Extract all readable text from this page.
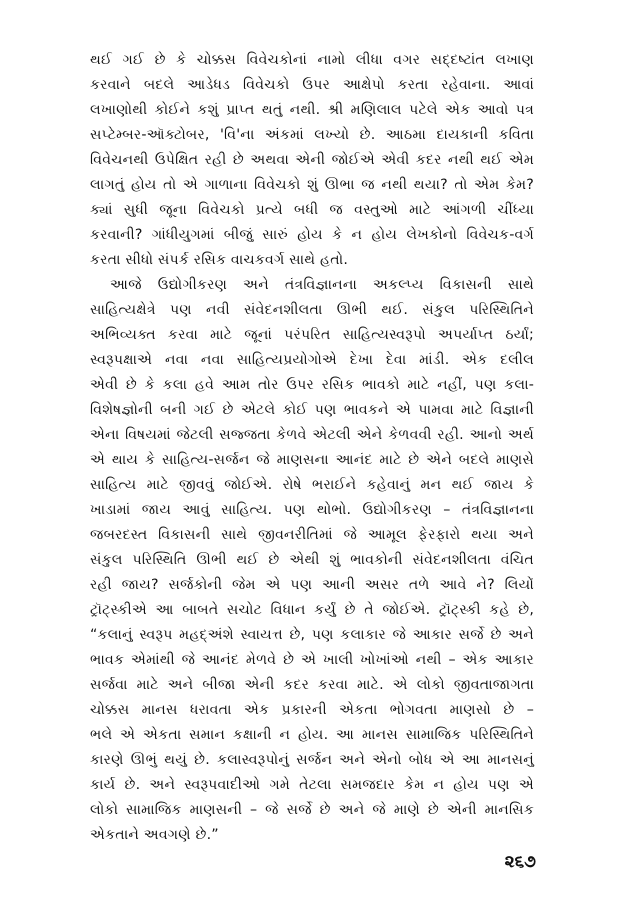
થઈ ગઈ છે કે ચોક્કસ વિવેચકોનાં નામો લીધા વગર સદ્દષ્ટાંત લખાણ
કરવાને બદલે આડેધડ વિવેચકો ઉપર આક્ષેપો કરતા રહેવાના. આવાં
લખાણોથી કોઈને કશું પ્રાપ્ત થતું નથી. શ્રી મણિલાલ પટેલે એક આવો પત્ર
સપ્ટેમ્બર-ઑક્ટોબર, 'વિ'ના અંકમાં લખ્યો છે. આઠમા દાયકાની કવિતા
વિવેચનથી ઉપેક્ષિત રહી છે અથવા એની જોઈએ એવી કદર નથી થઈ એમ
લાગતું હોય તો એ ગાળાના વિવેચકો શું ઊભા જ નથી થયા? તો એમ કેમ?
ક્યાં સુધી જૂના વિવેચકો પ્રત્યે બધી જ વસ્તુઓ માટે આંગળી ચીંધ્યા
કરવાની? ગાંધીયુગમાં બીજું સારું હોય કે ન હોય લેખકોનો વિવેચક-વર્ગ
કરતા સીધો સંપર્ક રસિક વાચકવર્ગ સાથે હતો.
આજે ઉદ્યોગીકરણ અને તંત્રવિજ્ઞાનના અકલ્પ્ય વિકાસની સાથે
સાહિત્યક્ષેત્રે પણ નવી સંવેદનશીલતા ઊભી થઈ. સંકુલ પરિસ્થિતિને
અભિવ્યક્ત કરવા માટે જૂનાં પરંપરિત સાહિત્યસ્વરૂપો અપર્યાપ્ત ઠર્યાં;
સ્વરૂપક્ષાએ નવા નવા સાહિત્યપ્રયોગોએ દેખા દેવા માંડી. એક દલીલ
એવી છે કે કલા હવે આમ તોર ઉપર રસિક ભાવકો માટે નહીં, પણ કલા-
વિશેષજ્ઞોની બની ગઈ છે એટલે કોઈ પણ ભાવકને એ પામવા માટે વિજ્ઞાની
એના વિષયમાં જેટલી સજ્જતા કેળવે એટલી એને કેળવવી રહી. આનો અર્થ
એ થાય કે સાહિત્ય-સર્જન જે માણસના આનંદ માટે છે એને બદલે માણસે
સાહિત્ય માટે જીવવું જોઈએ. રોષે ભરાઈને કહેવાનું મન થઈ જાય કે
ખાડામાં જાય આવું સાહિત્ય. પણ થોભો. ઉદ્યોગીકરણ – તંત્રવિજ્ઞાનના
જબરદસ્ત વિકાસની સાથે જીવનરીતિમાં જે આમૂલ ફેરફારો થયા અને
સંકુલ પરિસ્થિતિ ઊભી થઈ છે એથી શું ભાવકોની સંવેદનશીલતા વંચિત
રહી જાય? સર્જકોની જેમ એ પણ આની અસર તળે આવે ને? લિયોં
ટ્રૉટ્સ્કીએ આ બાબતે સચોટ વિધાન કર્યું છે તે જોઈએ. ટ્રૉટ્સ્કી કહે છે,
“કલાનું સ્વરૂપ મહદ્અંશે સ્વાયત્ત છે, પણ કલાકાર જે આકાર સર્જે છે અને
ભાવક એમાંથી જે આનંદ મેળવે છે એ ખાલી ખોખાંઓ નથી – એક આકાર
સર્જવા માટે અને બીજા એની કદર કરવા માટે. એ લોકો જીવતાજાગતા
ચોક્કસ માનસ ધરાવતા એક પ્રકારની એકતા ભોગવતા માણસો છે –
ભલે એ એકતા સમાન કક્ષાની ન હોય. આ માનસ સામાજિક પરિસ્થિતિને
કારણે ઊભું થયું છે. કલાસ્વરૂપોનું સર્જન અને એનો બોધ એ આ માનસનું
કાર્ય છે. અને સ્વરૂપવાદીઓ ગમે તેટલા સમજદાર કેમ ન હોય પણ એ
લોકો સામાજિક માણસની – જે સર્જે છે અને જે માણે છે એની માનસિક
એકતાને અવગણે છે.”
૨૬૭
